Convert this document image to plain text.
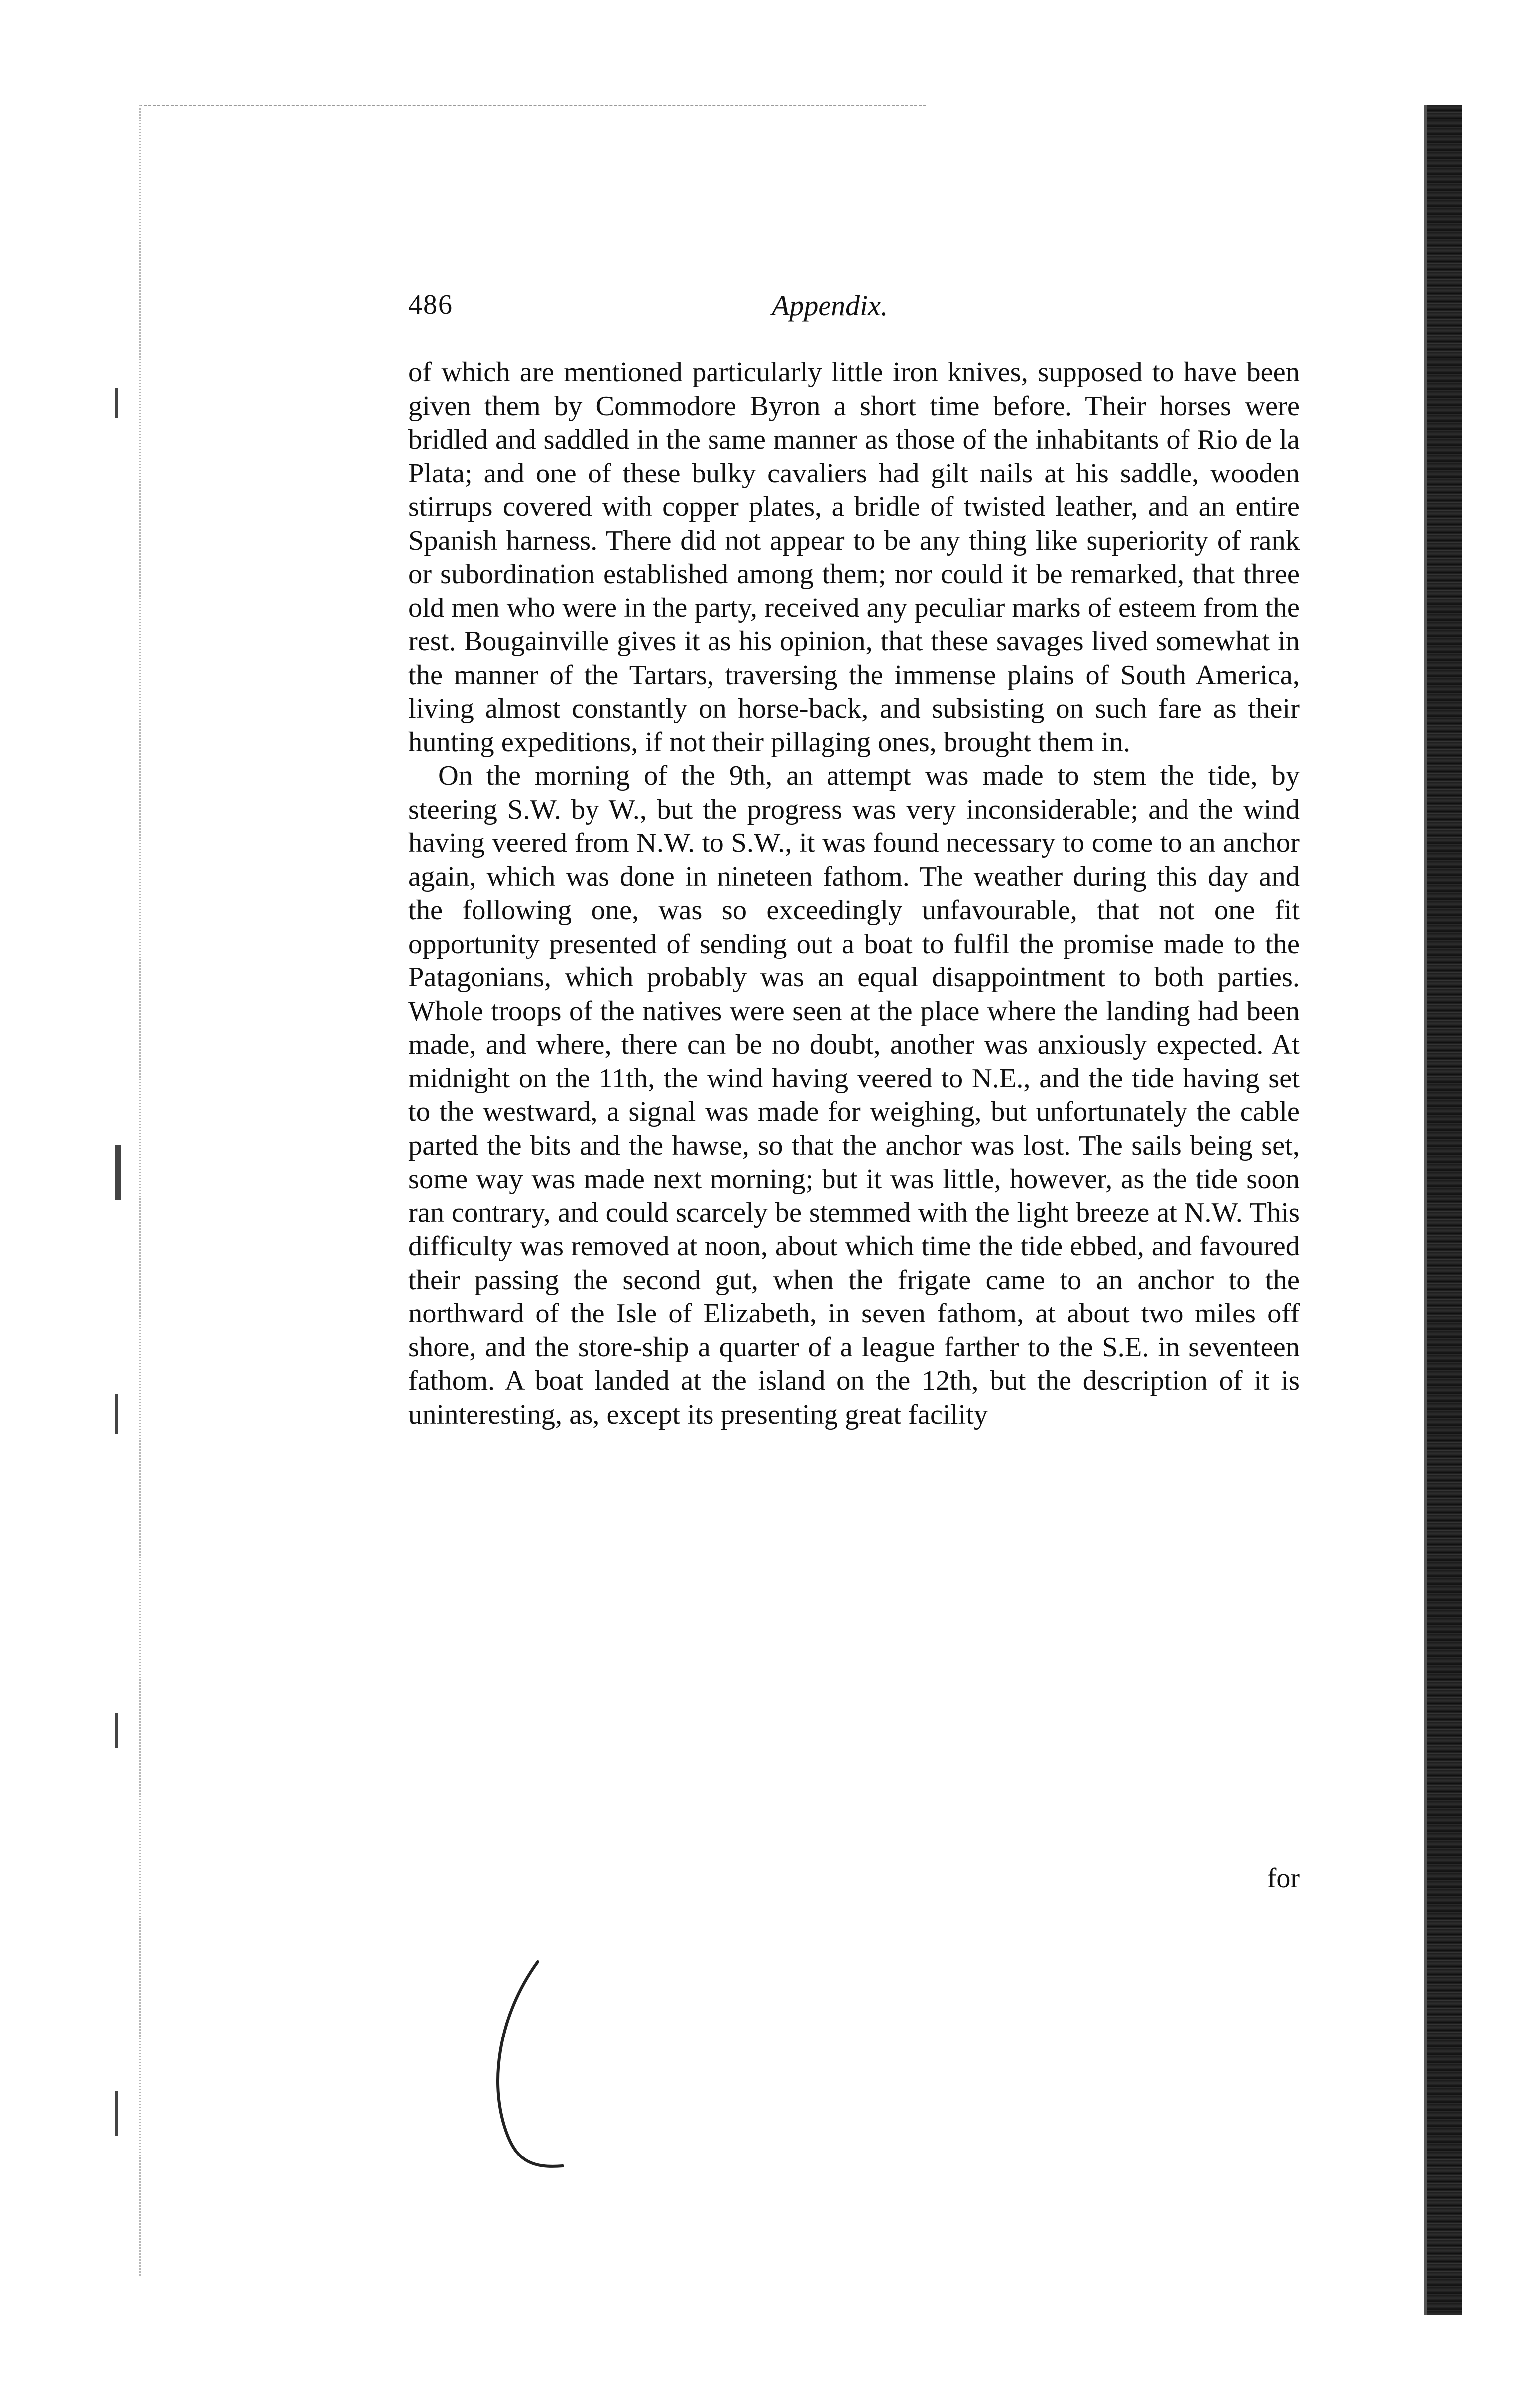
486	Appendix.

of which are mentioned particularly little iron knives, supposed to have been given them by Commodore Byron a short time before. Their horses were bridled and saddled in the same manner as those of the inhabitants of Rio de la Plata; and one of these bulky cavaliers had gilt nails at his saddle, wooden stirrups covered with copper plates, a bridle of twisted leather, and an entire Spanish harness. There did not appear to be any thing like superiority of rank or subordination established among them; nor could it be remarked, that three old men who were in the party, received any peculiar marks of esteem from the rest. Bougainville gives it as his opinion, that these savages lived somewhat in the manner of the Tartars, traversing the immense plains of South America, living almost constantly on horse-back, and subsisting on such fare as their hunting expeditions, if not their pillaging ones, brought them in.

On the morning of the 9th, an attempt was made to stem the tide, by steering S.W. by W., but the progress was very inconsiderable; and the wind having veered from N.W. to S.W., it was found necessary to come to an anchor again, which was done in nineteen fathom. The weather during this day and the following one, was so exceedingly unfavourable, that not one fit opportunity presented of sending out a boat to fulfil the promise made to the Patagonians, which probably was an equal disappointment to both parties. Whole troops of the natives were seen at the place where the landing had been made, and where, there can be no doubt, another was anxiously expected. At midnight on the 11th, the wind having veered to N.E., and the tide having set to the westward, a signal was made for weighing, but unfortunately the cable parted the bits and the hawse, so that the anchor was lost. The sails being set, some way was made next morning; but it was little, however, as the tide soon ran contrary, and could scarcely be stemmed with the light breeze at N.W. This difficulty was removed at noon, about which time the tide ebbed, and favoured their passing the second gut, when the frigate came to an anchor to the northward of the Isle of Elizabeth, in seven fathom, at about two miles off shore, and the store-ship a quarter of a league farther to the S.E. in seventeen fathom. A boat landed at the island on the 12th, but the description of it is uninteresting, as, except its presenting great facility

for
